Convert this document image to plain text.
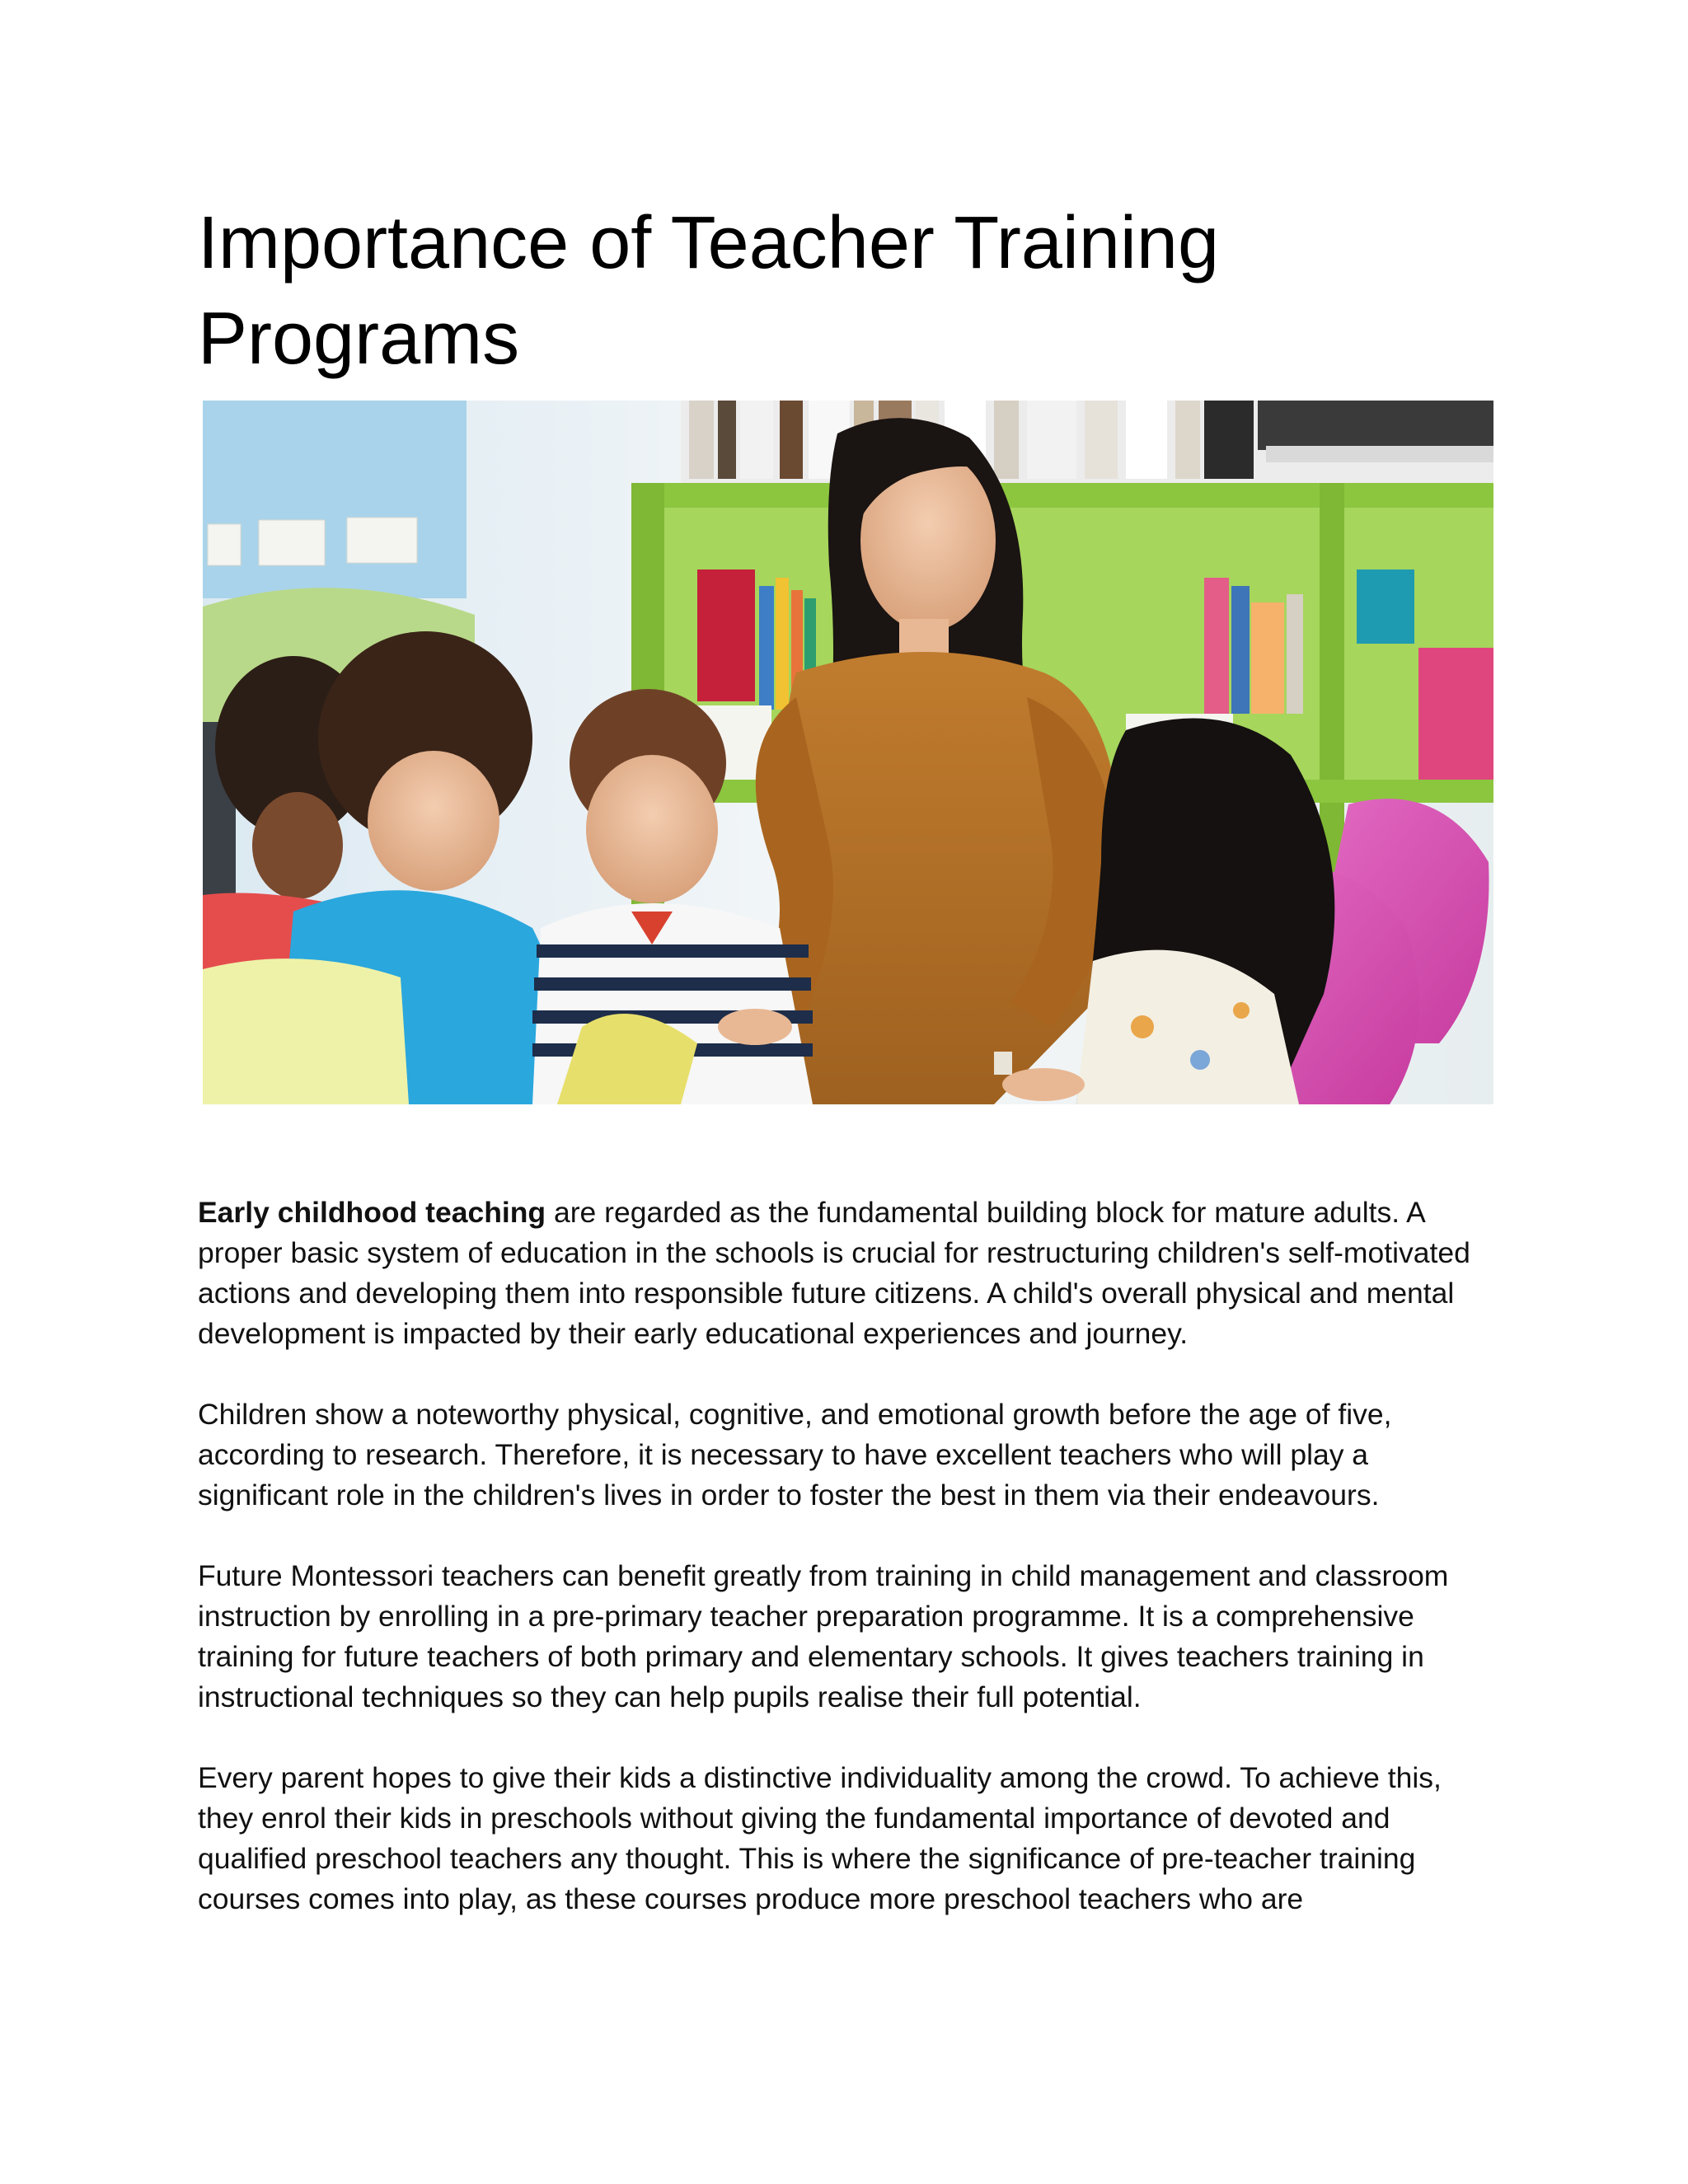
Importance of Teacher Training Programs

Early childhood teaching are regarded as the fundamental building block for mature adults. A proper basic system of education in the schools is crucial for restructuring children's self-motivated actions and developing them into responsible future citizens. A child's overall physical and mental development is impacted by their early educational experiences and journey.

Children show a noteworthy physical, cognitive, and emotional growth before the age of five, according to research. Therefore, it is necessary to have excellent teachers who will play a significant role in the children's lives in order to foster the best in them via their endeavours.

Future Montessori teachers can benefit greatly from training in child management and classroom instruction by enrolling in a pre-primary teacher preparation programme. It is a comprehensive training for future teachers of both primary and elementary schools. It gives teachers training in instructional techniques so they can help pupils realise their full potential.

Every parent hopes to give their kids a distinctive individuality among the crowd. To achieve this, they enrol their kids in preschools without giving the fundamental importance of devoted and qualified preschool teachers any thought. This is where the significance of pre-teacher training courses comes into play, as these courses produce more preschool teachers who are
